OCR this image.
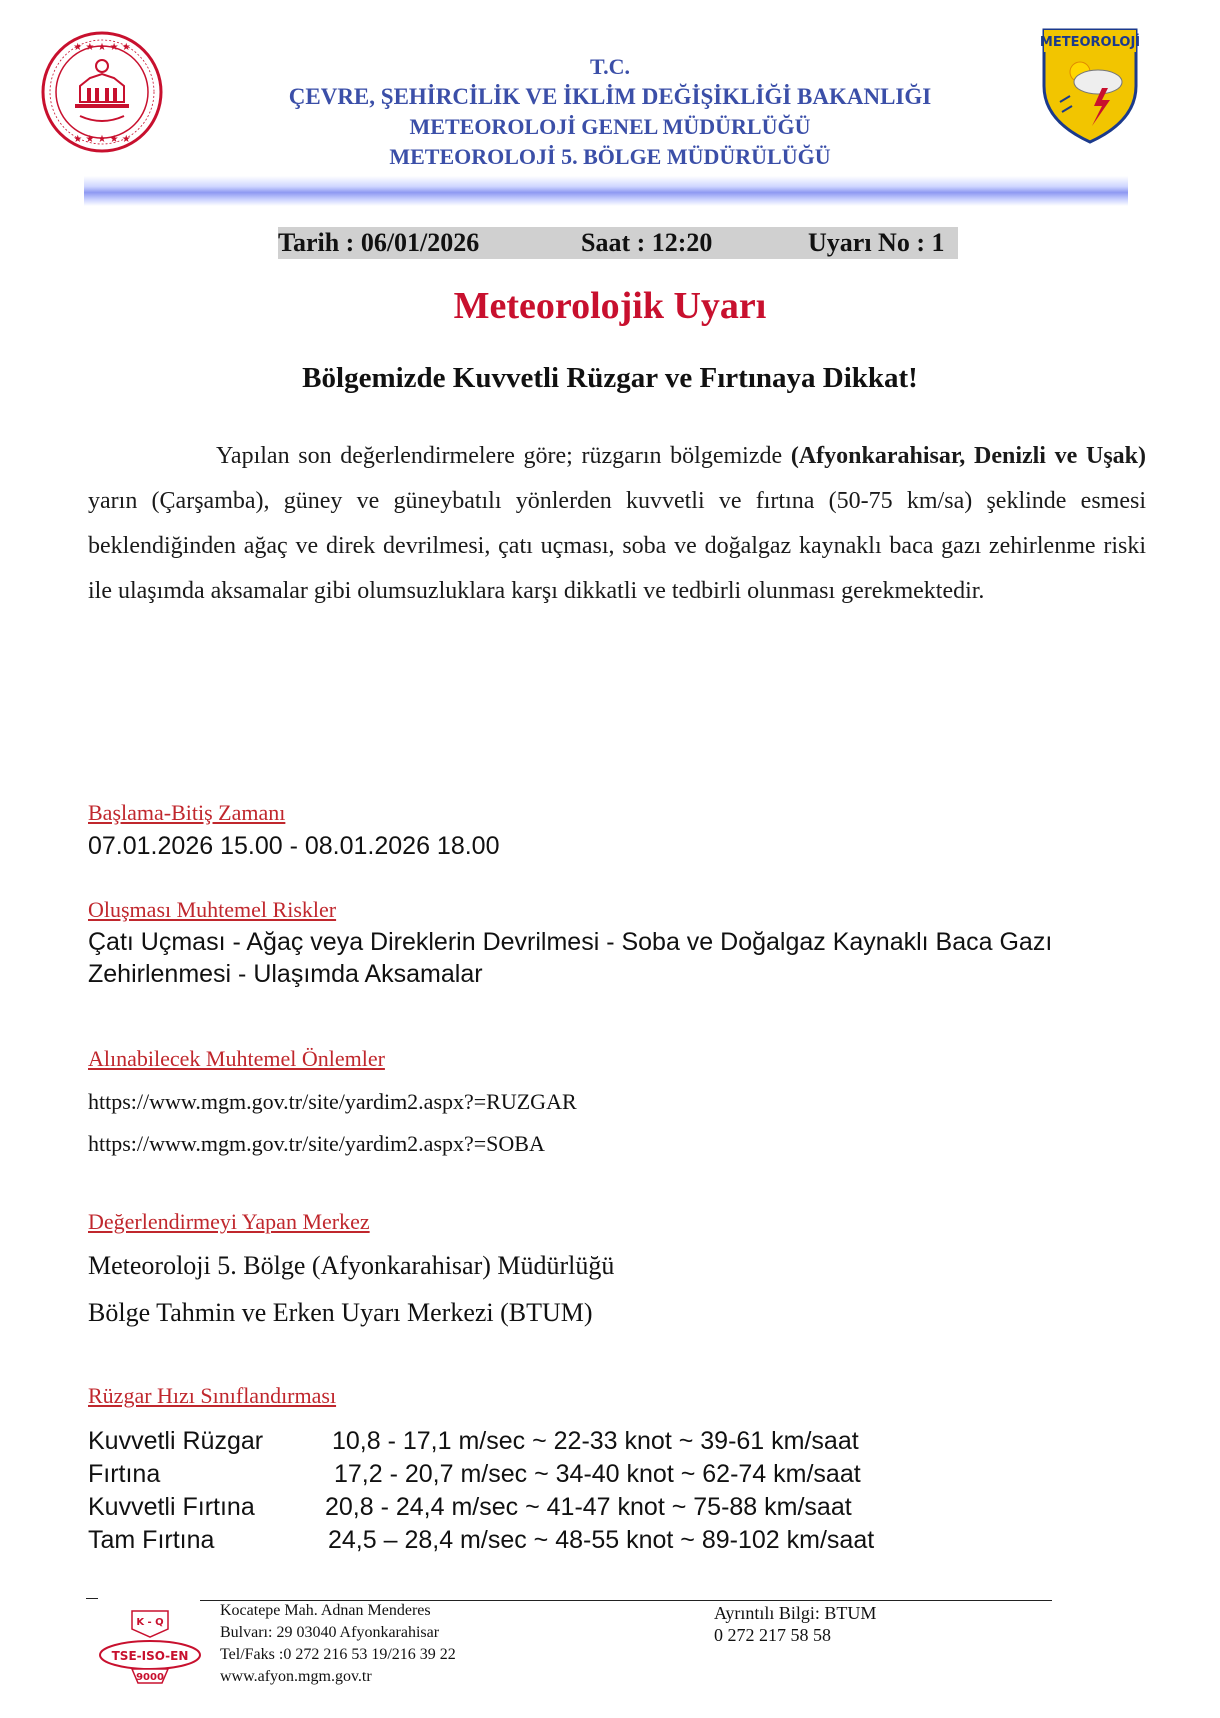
★ ★ ★ ★ ★
★ ★ ★ ★ ★
T.C.
ÇEVRE, ŞEHİRCİLİK VE İKLİM DEĞİŞİKLİĞİ BAKANLIĞI
METEOROLOJİ GENEL MÜDÜRLÜĞÜ
METEOROLOJİ 5. BÖLGE MÜDÜRÜLÜĞÜ
METEOROLOJİ
Tarih : 06/01/2026	Saat : 12:20	Uyarı No : 1
Meteorolojik Uyarı
Bölgemizde Kuvvetli Rüzgar ve Fırtınaya Dikkat!
Yapılan son değerlendirmelere göre; rüzgarın bölgemizde (Afyonkarahisar, Denizli ve Uşak) yarın (Çarşamba), güney ve güneybatılı yönlerden kuvvetli ve fırtına (50-75 km/sa) şeklinde esmesi beklendiğinden ağaç ve direk devrilmesi, çatı uçması, soba ve doğalgaz kaynaklı baca gazı zehirlenme riski ile ulaşımda aksamalar gibi olumsuzluklara karşı dikkatli ve tedbirli olunması gerekmektedir.
Başlama-Bitiş Zamanı
07.01.2026 15.00 - 08.01.2026 18.00
Oluşması Muhtemel Riskler
Çatı Uçması - Ağaç veya Direklerin Devrilmesi - Soba ve Doğalgaz Kaynaklı Baca Gazı Zehirlenmesi - Ulaşımda Aksamalar
Alınabilecek Muhtemel Önlemler
https://www.mgm.gov.tr/site/yardim2.aspx?=RUZGAR
https://www.mgm.gov.tr/site/yardim2.aspx?=SOBA
Değerlendirmeyi Yapan Merkez
Meteoroloji 5. Bölge (Afyonkarahisar) Müdürlüğü
Bölge Tahmin ve Erken Uyarı Merkezi (BTUM)
Rüzgar Hızı Sınıflandırması
Kuvvetli Rüzgar	10,8 - 17,1 m/sec ~ 22-33 knot ~ 39-61 km/saat
Fırtına	17,2 - 20,7 m/sec ~ 34-40 knot ~ 62-74 km/saat
Kuvvetli Fırtına	20,8 - 24,4 m/sec ~ 41-47 knot ~ 75-88 km/saat
Tam Fırtına	24,5 – 28,4 m/sec ~ 48-55 knot ~ 89-102 km/saat
K - Q
TSE-ISO-EN
9000
Kocatepe Mah. Adnan Menderes
Bulvarı: 29 03040 Afyonkarahisar
Tel/Faks :0 272 216 53 19/216 39 22
www.afyon.mgm.gov.tr
Ayrıntılı Bilgi: BTUM
0 272 217 58 58
